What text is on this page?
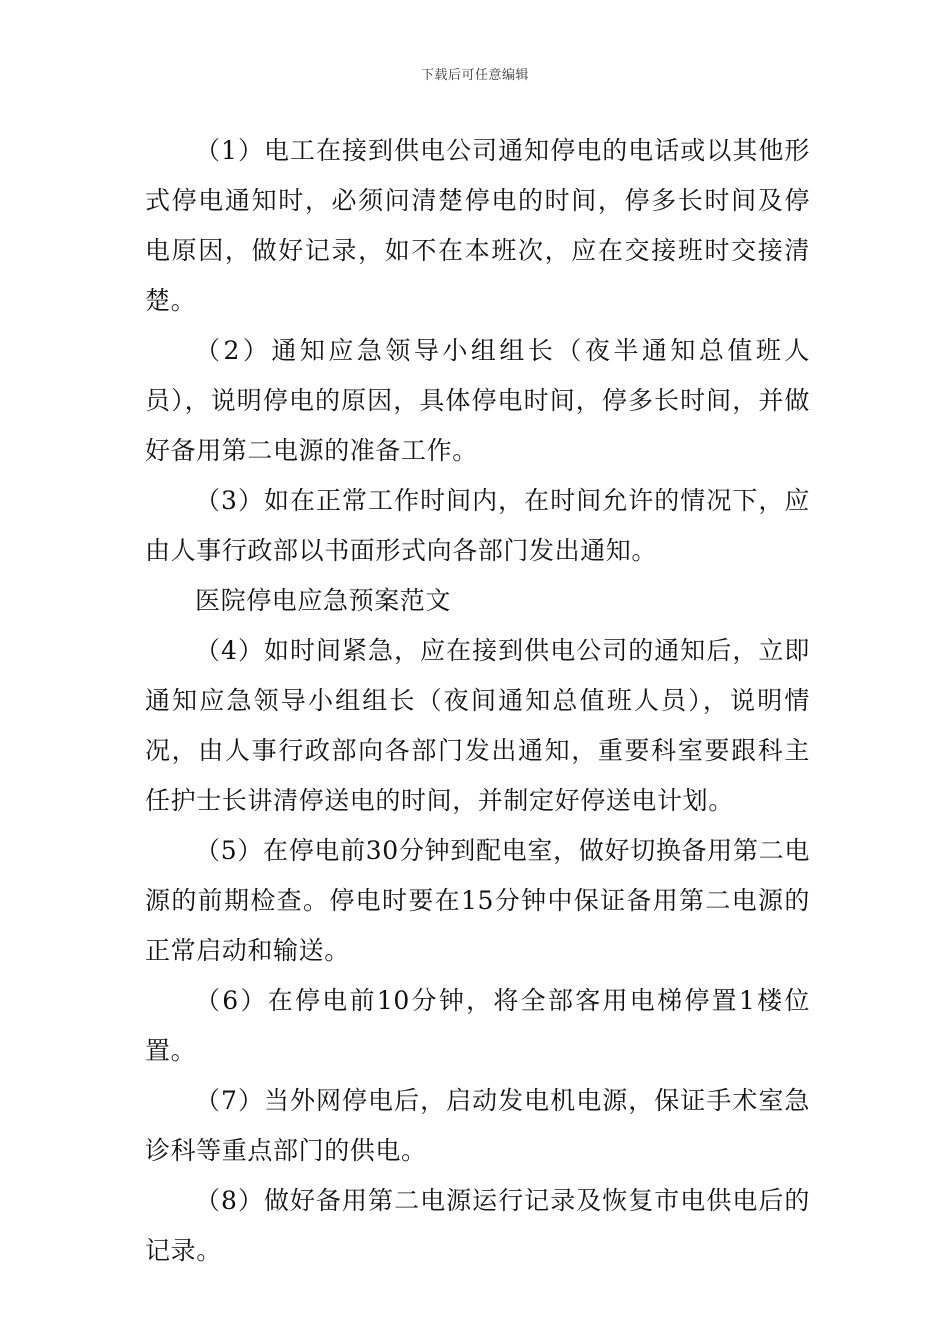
下载后可任意编辑

（1）电工在接到供电公司通知停电的电话或以其他形式停电通知时，必须问清楚停电的时间，停多长时间及停电原因，做好记录，如不在本班次，应在交接班时交接清楚。

（2）通知应急领导小组组长（夜半通知总值班人员），说明停电的原因，具体停电时间，停多长时间，并做好备用第二电源的准备工作。

（3）如在正常工作时间内，在时间允许的情况下，应由人事行政部以书面形式向各部门发出通知。

医院停电应急预案范文

（4）如时间紧急，应在接到供电公司的通知后，立即通知应急领导小组组长（夜间通知总值班人员），说明情况，由人事行政部向各部门发出通知，重要科室要跟科主任护士长讲清停送电的时间，并制定好停送电计划。

（5）在停电前30分钟到配电室，做好切换备用第二电源的前期检查。停电时要在15分钟中保证备用第二电源的正常启动和输送。

（6）在停电前10分钟，将全部客用电梯停置1楼位置。

（7）当外网停电后，启动发电机电源，保证手术室急诊科等重点部门的供电。

（8）做好备用第二电源运行记录及恢复市电供电后的记录。
